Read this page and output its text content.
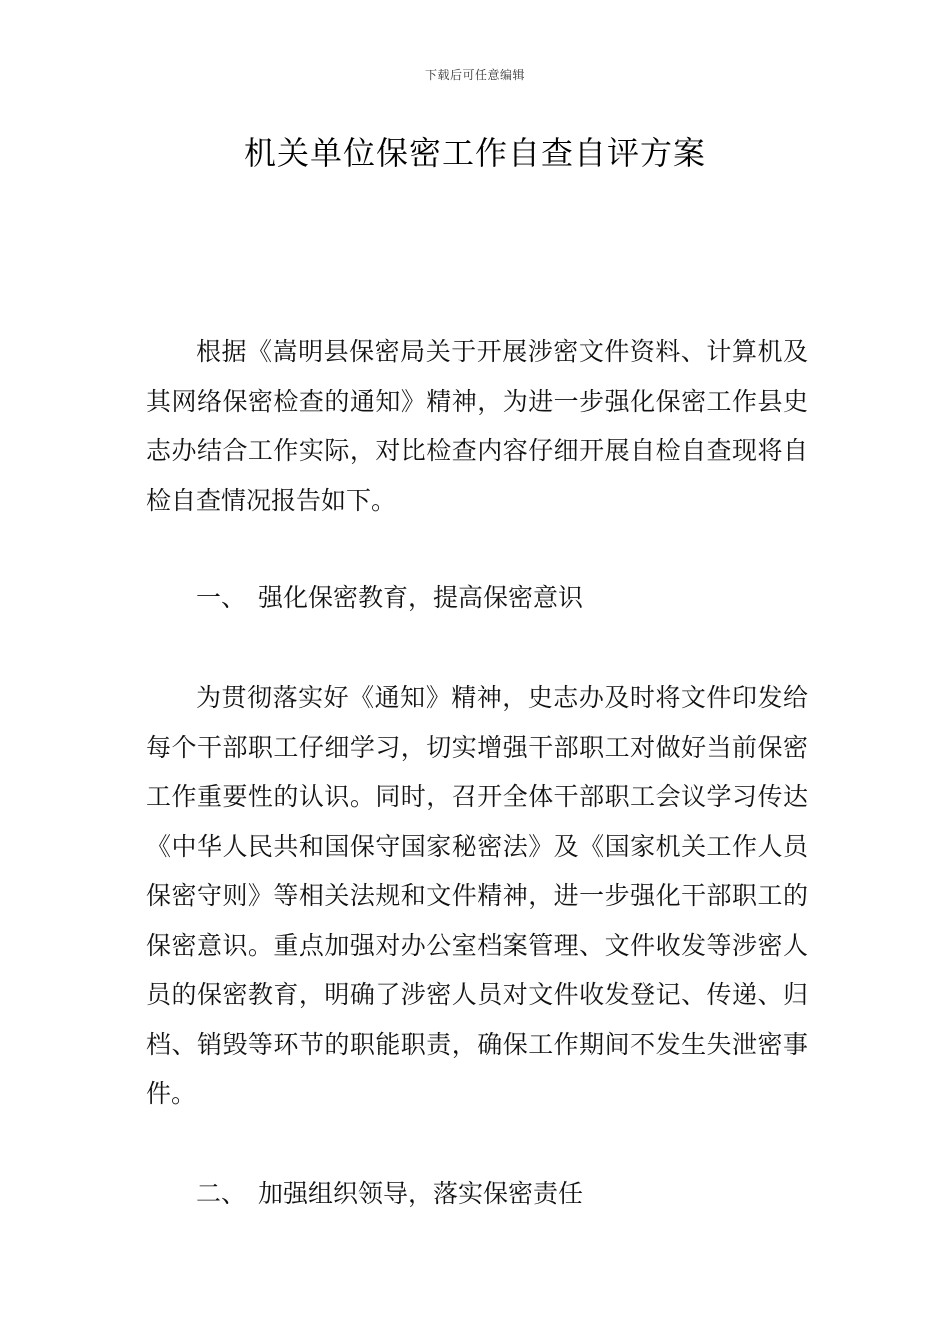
下载后可任意编辑
机关单位保密工作自查自评方案

根据《嵩明县保密局关于开展涉密文件资料、计算机及其网络保密检查的通知》精神，为进一步强化保密工作县史志办结合工作实际，对比检查内容仔细开展自检自查现将自检自查情况报告如下。

一、 强化保密教育，提高保密意识

为贯彻落实好《通知》精神，史志办及时将文件印发给每个干部职工仔细学习，切实增强干部职工对做好当前保密工作重要性的认识。同时，召开全体干部职工会议学习传达《中华人民共和国保守国家秘密法》及《国家机关工作人员保密守则》等相关法规和文件精神，进一步强化干部职工的保密意识。重点加强对办公室档案管理、文件收发等涉密人员的保密教育，明确了涉密人员对文件收发登记、传递、归档、销毁等环节的职能职责，确保工作期间不发生失泄密事件。

二、 加强组织领导，落实保密责任
